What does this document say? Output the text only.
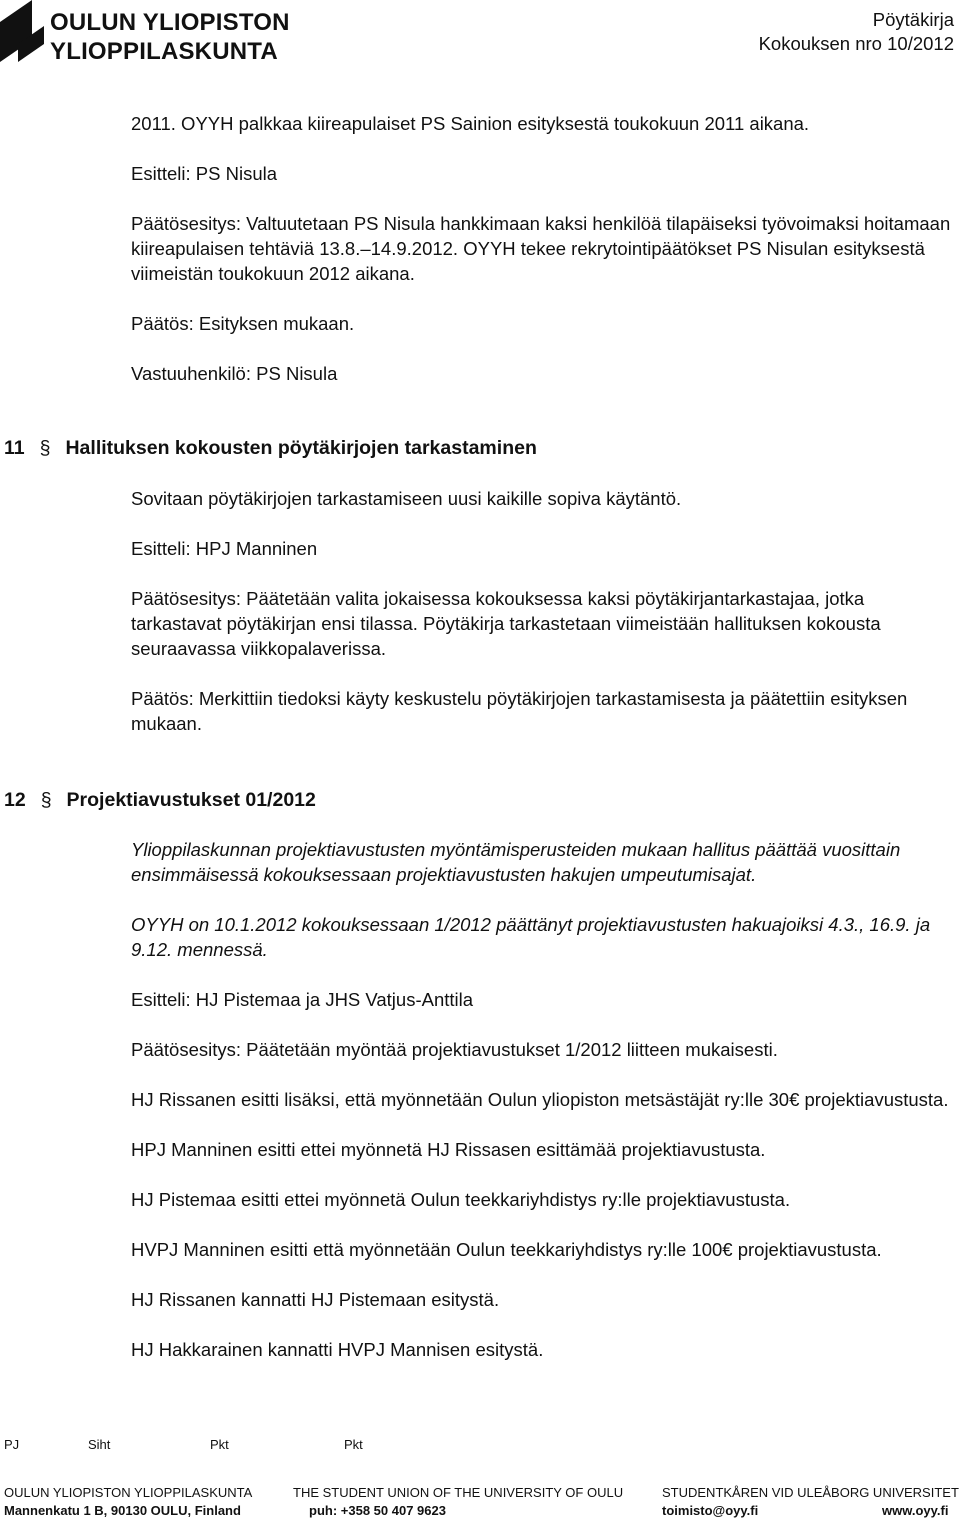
OULUN YLIOPISTON
YLIOPPILASKUNTA
Pöytäkirja
Kokouksen nro 10/2012

2011. OYYH palkkaa kiireapulaiset PS Sainion esityksestä toukokuun 2011 aikana.

Esitteli: PS Nisula

Päätösesitys: Valtuutetaan PS Nisula hankkimaan kaksi henkilöä tilapäiseksi työvoimaksi hoitamaan kiireapulaisen tehtäviä 13.8.–14.9.2012. OYYH tekee rekrytointipäätökset PS Nisulan esityksestä viimeistän toukokuun 2012 aikana.

Päätös: Esityksen mukaan.

Vastuuhenkilö: PS Nisula

11 § Hallituksen kokousten pöytäkirjojen tarkastaminen

Sovitaan pöytäkirjojen tarkastamiseen uusi kaikille sopiva käytäntö.

Esitteli: HPJ Manninen

Päätösesitys: Päätetään valita jokaisessa kokouksessa kaksi pöytäkirjantarkastajaa, jotka tarkastavat pöytäkirjan ensi tilassa. Pöytäkirja tarkastetaan viimeistään hallituksen kokousta seuraavassa viikkopalaverissa.

Päätös: Merkittiin tiedoksi käyty keskustelu pöytäkirjojen tarkastamisesta ja päätettiin esityksen mukaan.

12 § Projektiavustukset 01/2012

Ylioppilaskunnan projektiavustusten myöntämisperusteiden mukaan hallitus päättää vuosittain ensimmäisessä kokouksessaan projektiavustusten hakujen umpeutumisajat.

OYYH on 10.1.2012 kokouksessaan 1/2012 päättänyt projektiavustusten hakuajoiksi 4.3., 16.9. ja 9.12. mennessä.

Esitteli: HJ Pistemaa ja JHS Vatjus-Anttila

Päätösesitys: Päätetään myöntää projektiavustukset 1/2012 liitteen mukaisesti.

HJ Rissanen esitti lisäksi, että myönnetään Oulun yliopiston metsästäjät ry:lle 30€ projektiavustusta.

HPJ Manninen esitti ettei myönnetä HJ Rissasen esittämää projektiavustusta.

HJ Pistemaa esitti ettei myönnetä Oulun teekkariyhdistys ry:lle projektiavustusta.

HVPJ Manninen esitti että myönnetään Oulun teekkariyhdistys ry:lle 100€ projektiavustusta.

HJ Rissanen kannatti HJ Pistemaan esitystä.

HJ Hakkarainen kannatti HVPJ Mannisen esitystä.

PJ	Siht	Pkt	Pkt
OULUN YLIOPISTON YLIOPPILASKUNTA
Mannenkatu 1 B, 90130 OULU, Finland
THE STUDENT UNION OF THE UNIVERSITY OF OULU
puh: +358 50 407 9623
STUDENTKÅREN VID ULEÅBORG UNIVERSITET
toimisto@oyy.fi	www.oyy.fi
